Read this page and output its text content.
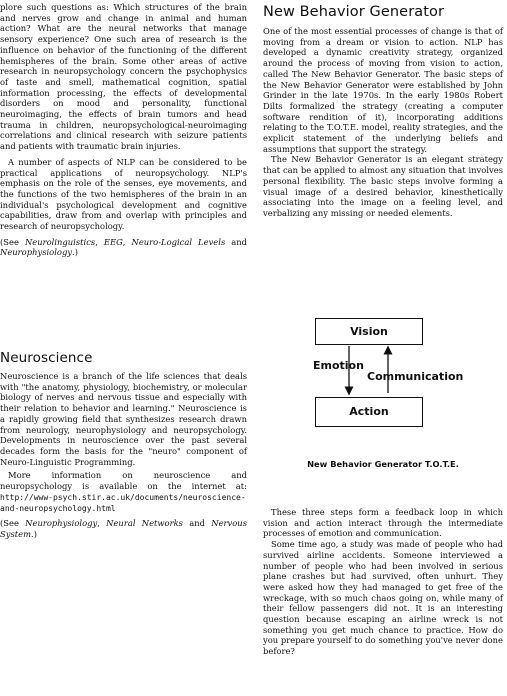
plore such questions as: Which structures of the brain and nerves grow and change in animal and human action? What are the neural networks that manage sensory experience? One such area of research is the influence on behavior of the functioning of the different hemispheres of the brain. Some other areas of active research in neuropsychology concern the psychophysics of taste and smell, mathematical cognition, spatial information processing, the effects of developmental disorders on mood and personality, functional neuroimaging, the effects of brain tumors and head trauma in children, neuropsychological-neuroimaging correlations and clinical research with seizure patients and patients with traumatic brain injuries.

A number of aspects of NLP can be considered to be practical applications of neuropsychology. NLP's emphasis on the role of the senses, eye movements, and the functions of the two hemispheres of the brain in an individual's psychological development and cognitive capabilities, draw from and overlap with principles and research of neuropsychology.

(See Neurolinguistics, EEG, Neuro-Logical Levels and Neurophysiology.)

Neuroscience

Neuroscience is a branch of the life sciences that deals with "the anatomy, physiology, biochemistry, or molecular biology of nerves and nervous tissue and especially with their relation to behavior and learning." Neuroscience is a rapidly growing field that synthesizes research drawn from neurology, neurophysiology and neuropsychology. Developments in neuroscience over the past several decades form the basis for the "neuro" component of Neuro-Linguistic Programming.

More information on neuroscience and neuropsychology is available on the internet at: http://www-psych.stir.ac.uk/documents/neuroscience-and-neuropsychology.html

(See Neurophysiology, Neural Networks and Nervous System.)

New Behavior Generator

One of the most essential processes of change is that of moving from a dream or vision to action. NLP has developed a dynamic creativity strategy, organized around the process of moving from vision to action, called The New Behavior Generator. The basic steps of the New Behavior Generator were established by John Grinder in the late 1970s. In the early 1980s Robert Dilts formalized the strategy (creating a computer software rendition of it), incorporating additions relating to the T.O.T.E. model, reality strategies, and the explicit statement of the underlying beliefs and assumptions that support the strategy.

The New Behavior Generator is an elegant strategy that can be applied to almost any situation that involves personal flexibility. The basic steps involve forming a visual image of a desired behavior, kinesthetically associating into the image on a feeling level, and verbalizing any missing or needed elements.

These three steps form a feedback loop in which vision and action interact through the intermediate processes of emotion and communication.

Some time ago, a study was made of people who had survived airline accidents. Someone interviewed a number of people who had been involved in serious plane crashes but had survived, often unhurt. They were asked how they had managed to get free of the wreckage, with so much chaos going on, while many of their fellow passengers did not. It is an interesting question because escaping an airline wreck is not something you get much chance to practice. How do you prepare yourself to do something you've never done before?

Vision
Emotion
Communication
Action
New Behavior Generator T.O.T.E.
